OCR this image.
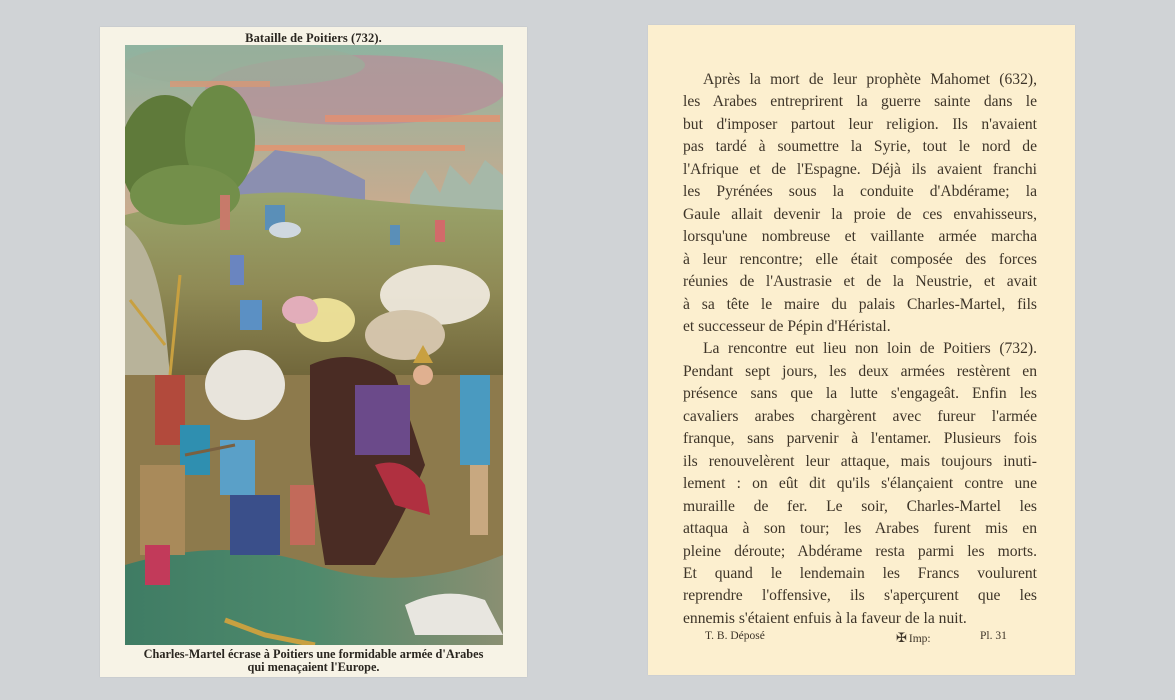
Bataille de Poitiers (732).
Charles-Martel écrase à Poitiers une formidable armée d'Arabes
qui menaçaient l'Europe.
Après la mort de leur prophète Mahomet (632),
les Arabes entreprirent la guerre sainte dans le
but d'imposer partout leur religion. Ils n'avaient
pas tardé à soumettre la Syrie, tout le nord de
l'Afrique et de l'Espagne. Déjà ils avaient franchi
les Pyrénées sous la conduite d'Abdérame; la
Gaule allait devenir la proie de ces envahisseurs,
lorsqu'une nombreuse et vaillante armée marcha
à leur rencontre; elle était composée des forces
réunies de l'Austrasie et de la Neustrie, et avait
à sa tête le maire du palais Charles-Martel, fils
et successeur de Pépin d'Héristal.
La rencontre eut lieu non loin de Poitiers (732).
Pendant sept jours, les deux armées restèrent en
présence sans que la lutte s'engageât. Enfin les
cavaliers arabes chargèrent avec fureur l'armée
franque, sans parvenir à l'entamer. Plusieurs fois
ils renouvelèrent leur attaque, mais toujours inuti-
lement : on eût dit qu'ils s'élançaient contre une
muraille de fer. Le soir, Charles-Martel les
attaqua à son tour; les Arabes furent mis en
pleine déroute; Abdérame resta parmi les morts.
Et quand le lendemain les Francs voulurent
reprendre l'offensive, ils s'aperçurent que les
ennemis s'étaient enfuis à la faveur de la nuit.
T. B. Déposé	✠ Imp:	Pl. 31
